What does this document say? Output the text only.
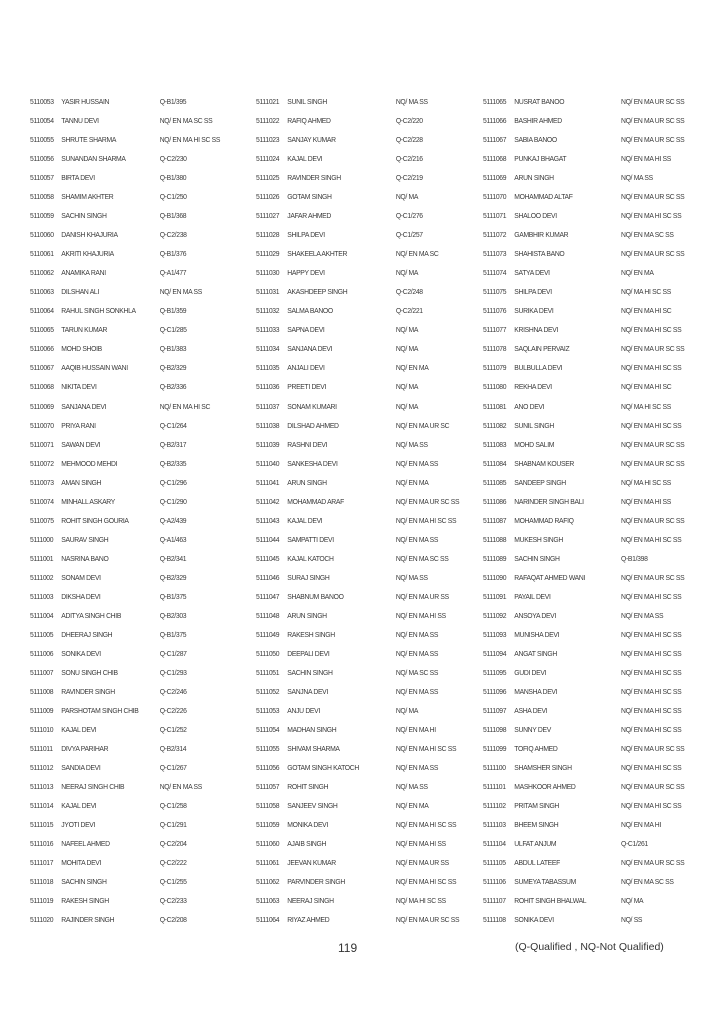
5110053 YASIR HUSSAIN	Q-B1/395
5110054 TANNU DEVI	NQ/ EN MA SC SS
5110055 SHRUTE SHARMA	NQ/ EN MA HI SC SS
5110056 SUNANDAN SHARMA	Q-C2/230
5110057 BIRTA DEVI	Q-B1/380
5110058 SHAMIM AKHTER	Q-C1/250
5110059 SACHIN SINGH	Q-B1/368
5110060 DANISH KHAJURIA	Q-C2/238
5110061 AKRITI KHAJURIA	Q-B1/376
5110062 ANAMIKA RANI	Q-A1/477
5110063 DILSHAN ALI	NQ/ EN MA SS
5110064 RAHUL SINGH SONKHLA	Q-B1/359
5110065 TARUN KUMAR	Q-C1/285
5110066 MOHD SHOIB	Q-B1/383
5110067 AAQIB HUSSAIN WANI	Q-B2/329
5110068 NIKITA DEVI	Q-B2/336
5110069 SANJANA DEVI	NQ/ EN MA HI SC
5110070 PRIYA RANI	Q-C1/264
5110071 SAWAN DEVI	Q-B2/317
5110072 MEHMOOD MEHDI	Q-B2/335
5110073 AMAN SINGH	Q-C1/296
5110074 MINHALL ASKARY	Q-C1/290
5110075 ROHIT SINGH GOURIA	Q-A2/439
5111000 SAURAV SINGH	Q-A1/463
5111001 NASRINA BANO	Q-B2/341
5111002 SONAM DEVI	Q-B2/329
5111003 DIKSHA DEVI	Q-B1/375
5111004 ADITYA SINGH CHIB	Q-B2/303
5111005 DHEERAJ SINGH	Q-B1/375
5111006 SONIKA DEVI	Q-C1/287
5111007 SONU SINGH CHIB	Q-C1/293
5111008 RAVINDER SINGH	Q-C2/246
5111009 PARSHOTAM SINGH CHIB	Q-C2/226
5111010 KAJAL DEVI	Q-C1/252
5111011 DIVYA PARIHAR	Q-B2/314
5111012 SANDIA DEVI	Q-C1/267
5111013 NEERAJ SINGH CHIB	NQ/ EN MA SS
5111014 KAJAL DEVI	Q-C1/258
5111015 JYOTI DEVI	Q-C1/291
5111016 NAFEEL AHMED	Q-C2/204
5111017 MOHITA DEVI	Q-C2/222
5111018 SACHIN SINGH	Q-C1/255
5111019 RAKESH SINGH	Q-C2/233
5111020 RAJINDER SINGH	Q-C2/208
5111021 SUNIL SINGH	NQ/ MA SS
5111022 RAFIQ AHMED	Q-C2/220
5111023 SANJAY KUMAR	Q-C2/228
5111024 KAJAL DEVI	Q-C2/216
5111025 RAVINDER SINGH	Q-C2/219
5111026 GOTAM SINGH	NQ/ MA
5111027 JAFAR AHMED	Q-C1/276
5111028 SHILPA DEVI	Q-C1/257
5111029 SHAKEELA AKHTER	NQ/ EN MA SC
5111030 HAPPY DEVI	NQ/ MA
5111031 AKASHDEEP SINGH	Q-C2/248
5111032 SALMA BANOO	Q-C2/221
5111033 SAPNA DEVI	NQ/ MA
5111034 SANJANA DEVI	NQ/ MA
5111035 ANJALI DEVI	NQ/ EN MA
5111036 PREETI DEVI	NQ/ MA
5111037 SONAM KUMARI	NQ/ MA
5111038 DILSHAD AHMED	NQ/ EN MA UR SC
5111039 RASHNI DEVI	NQ/ MA SS
5111040 SANKESHA DEVI	NQ/ EN MA SS
5111041 ARUN SINGH	NQ/ EN MA
5111042 MOHAMMAD ARAF	NQ/ EN MA UR SC SS
5111043 KAJAL DEVI	NQ/ EN MA HI SC SS
5111044 SAMPATTI DEVI	NQ/ EN MA SS
5111045 KAJAL KATOCH	NQ/ EN MA SC SS
5111046 SURAJ SINGH	NQ/ MA SS
5111047 SHABNUM BANOO	NQ/ EN MA UR SS
5111048 ARUN SINGH	NQ/ EN MA HI SS
5111049 RAKESH SINGH	NQ/ EN MA SS
5111050 DEEPALI DEVI	NQ/ EN MA SS
5111051 SACHIN SINGH	NQ/ MA SC SS
5111052 SANJNA DEVI	NQ/ EN MA SS
5111053 ANJU DEVI	NQ/ MA
5111054 MADHAN SINGH	NQ/ EN MA HI
5111055 SHIVAM SHARMA	NQ/ EN MA HI SC SS
5111056 GOTAM SINGH KATOCH	NQ/ EN MA SS
5111057 ROHIT SINGH	NQ/ MA SS
5111058 SANJEEV SINGH	NQ/ EN MA
5111059 MONIKA DEVI	NQ/ EN MA HI SC SS
5111060 AJAIB SINGH	NQ/ EN MA HI SS
5111061 JEEVAN KUMAR	NQ/ EN MA UR SS
5111062 PARVINDER SINGH	NQ/ EN MA HI SC SS
5111063 NEERAJ SINGH	NQ/ MA HI SC SS
5111064 RIYAZ AHMED	NQ/ EN MA UR SC SS
5111065 NUSRAT BANOO	NQ/ EN MA UR SC SS
5111066 BASHIR AHMED	NQ/ EN MA UR SC SS
5111067 SABIA BANOO	NQ/ EN MA UR SC SS
5111068 PUNKAJ BHAGAT	NQ/ EN MA HI SS
5111069 ARUN SINGH	NQ/ MA SS
5111070 MOHAMMAD ALTAF	NQ/ EN MA UR SC SS
5111071 SHALOO DEVI	NQ/ EN MA HI SC SS
5111072 GAMBHIR KUMAR	NQ/ EN MA SC SS
5111073 SHAHISTA BANO	NQ/ EN MA UR SC SS
5111074 SATYA DEVI	NQ/ EN MA
5111075 SHILPA DEVI	NQ/ MA HI SC SS
5111076 SURIKA DEVI	NQ/ EN MA HI SC
5111077 KRISHNA DEVI	NQ/ EN MA HI SC SS
5111078 SAQLAIN PERVAIZ	NQ/ EN MA UR SC SS
5111079 BULBULLA DEVI	NQ/ EN MA HI SC SS
5111080 REKHA DEVI	NQ/ EN MA HI SC
5111081 ANO DEVI	NQ/ MA HI SC SS
5111082 SUNIL SINGH	NQ/ EN MA HI SC SS
5111083 MOHD SALIM	NQ/ EN MA UR SC SS
5111084 SHABNAM KOUSER	NQ/ EN MA UR SC SS
5111085 SANDEEP SINGH	NQ/ MA HI SC SS
5111086 NARINDER SINGH BALI	NQ/ EN MA HI SS
5111087 MOHAMMAD RAFIQ	NQ/ EN MA UR SC SS
5111088 MUKESH SINGH	NQ/ EN MA HI SC SS
5111089 SACHIN SINGH	Q-B1/398
5111090 RAFAQAT AHMED WANI	NQ/ EN MA UR SC SS
5111091 PAYAIL DEVI	NQ/ EN MA HI SC SS
5111092 ANSOYA DEVI	NQ/ EN MA SS
5111093 MUNISHA DEVI	NQ/ EN MA HI SC SS
5111094 ANGAT SINGH	NQ/ EN MA HI SC SS
5111095 GUDI DEVI	NQ/ EN MA HI SC SS
5111096 MANSHA DEVI	NQ/ EN MA HI SC SS
5111097 ASHA DEVI	NQ/ EN MA HI SC SS
5111098 SUNNY DEV	NQ/ EN MA HI SC SS
5111099 TOFIQ AHMED	NQ/ EN MA UR SC SS
5111100 SHAMSHER SINGH	NQ/ EN MA HI SC SS
5111101 MASHKOOR AHMED	NQ/ EN MA UR SC SS
5111102 PRITAM SINGH	NQ/ EN MA HI SC SS
5111103 BHEEM SINGH	NQ/ EN MA HI
5111104 ULFAT ANJUM	Q-C1/261
5111105 ABDUL LATEEF	NQ/ EN MA UR SC SS
5111106 SUMEYA TABASSUM	NQ/ EN MA SC SS
5111107 ROHIT SINGH BHALWAL	NQ/ MA
5111108 SONIKA DEVI	NQ/ SS
119	(Q-Qualified , NQ-Not Qualified)
